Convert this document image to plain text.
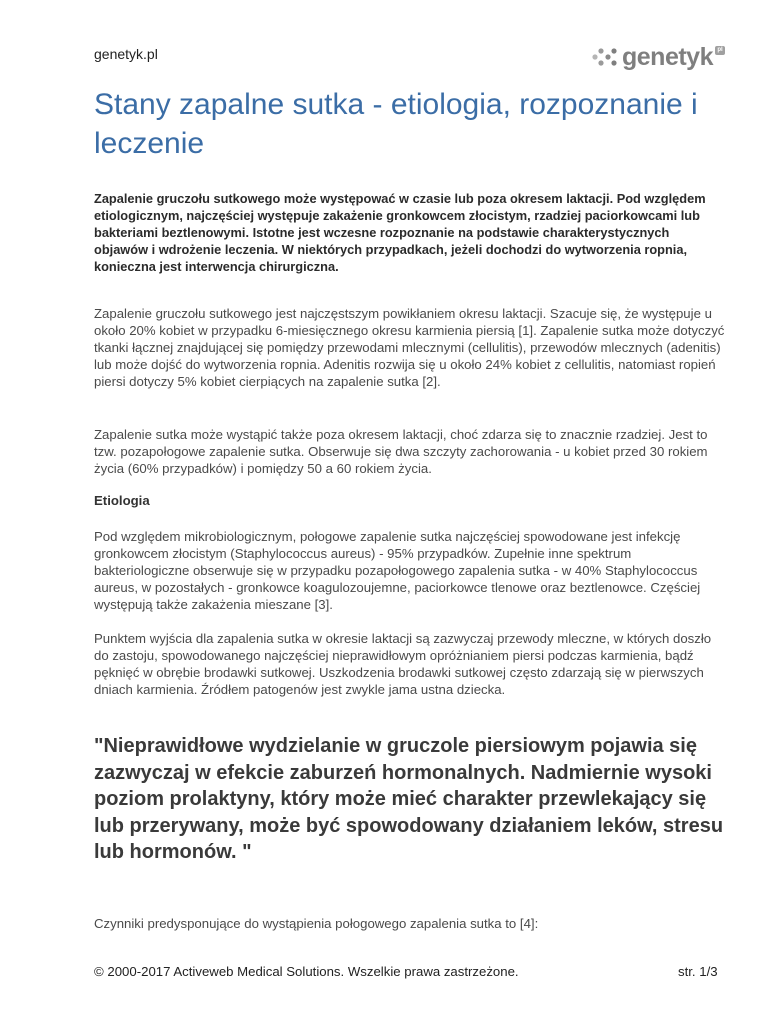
genetyk.pl	genetyk pl
Stany zapalne sutka - etiologia, rozpoznanie i leczenie

Zapalenie gruczołu sutkowego może występować w czasie lub poza okresem laktacji. Pod względem etiologicznym, najczęściej występuje zakażenie gronkowcem złocistym, rzadziej paciorkowcami lub bakteriami beztlenowymi. Istotne jest wczesne rozpoznanie na podstawie charakterystycznych objawów i wdrożenie leczenia. W niektórych przypadkach, jeżeli dochodzi do wytworzenia ropnia, konieczna jest interwencja chirurgiczna.

Zapalenie gruczołu sutkowego jest najczęstszym powikłaniem okresu laktacji. Szacuje się, że występuje u około 20% kobiet w przypadku 6-miesięcznego okresu karmienia piersią [1]. Zapalenie sutka może dotyczyć tkanki łącznej znajdującej się pomiędzy przewodami mlecznymi (cellulitis), przewodów mlecznych (adenitis) lub może dojść do wytworzenia ropnia. Adenitis rozwija się u około 24% kobiet z cellulitis, natomiast ropień piersi dotyczy 5% kobiet cierpiących na zapalenie sutka [2].

Zapalenie sutka może wystąpić także poza okresem laktacji, choć zdarza się to znacznie rzadziej. Jest to tzw. pozapołogowe zapalenie sutka. Obserwuje się dwa szczyty zachorowania - u kobiet przed 30 rokiem życia (60% przypadków) i pomiędzy 50 a 60 rokiem życia.

Etiologia

Pod względem mikrobiologicznym, połogowe zapalenie sutka najczęściej spowodowane jest infekcję gronkowcem złocistym (Staphylococcus aureus) - 95% przypadków. Zupełnie inne spektrum bakteriologiczne obserwuje się w przypadku pozapołogowego zapalenia sutka - w 40% Staphylococcus aureus, w pozostałych - gronkowce koagulozoujemne, paciorkowce tlenowe oraz beztlenowce. Częściej występują także zakażenia mieszane [3].

Punktem wyjścia dla zapalenia sutka w okresie laktacji są zazwyczaj przewody mleczne, w których doszło do zastoju, spowodowanego najczęściej nieprawidłowym opróżnianiem piersi podczas karmienia, bądź pęknięć w obrębie brodawki sutkowej. Uszkodzenia brodawki sutkowej często zdarzają się w pierwszych dniach karmienia. Źródłem patogenów jest zwykle jama ustna dziecka.

"Nieprawidłowe wydzielanie w gruczole piersiowym pojawia się zazwyczaj w efekcie zaburzeń hormonalnych. Nadmiernie wysoki poziom prolaktyny, który może mieć charakter przewlekający się lub przerywany, może być spowodowany działaniem leków, stresu lub hormonów. "

Czynniki predysponujące do wystąpienia połogowego zapalenia sutka to [4]:

© 2000-2017 Activeweb Medical Solutions. Wszelkie prawa zastrzeżone.	str. 1/3
